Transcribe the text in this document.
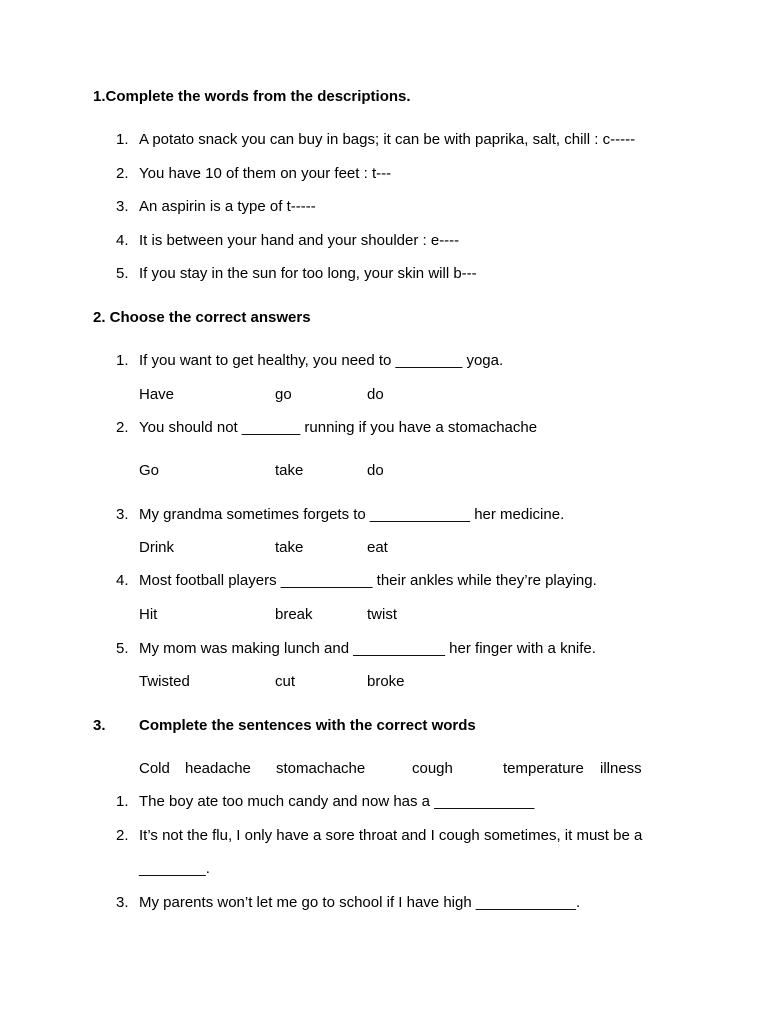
1.Complete the words from the descriptions.
1. A potato snack you can buy in bags; it can be with paprika, salt, chill : c-----
2. You have 10 of them on your feet : t---
3. An aspirin is a type of t-----
4. It is between your hand and your shoulder : e----
5. If you stay in the sun for too long, your skin will b---
2. Choose the correct answers
1. If you want to get healthy, you need to ________ yoga.
Have	go	do
2. You should not _______ running if you have a stomachache
Go	take	do
3. My grandma sometimes forgets to ____________ her medicine.
Drink	take	eat
4. Most football players ___________ their ankles while they’re playing.
Hit	break	twist
5. My mom was making lunch and ___________ her finger with a knife.
Twisted	cut	broke
3. Complete the sentences with the correct words
Cold headache stomachache	cough	temperature illness
1. The boy ate too much candy and now has a ____________
2. It’s not the flu, I only have a sore throat and I cough sometimes, it must be a
________.
3. My parents won’t let me go to school if I have high ____________.
